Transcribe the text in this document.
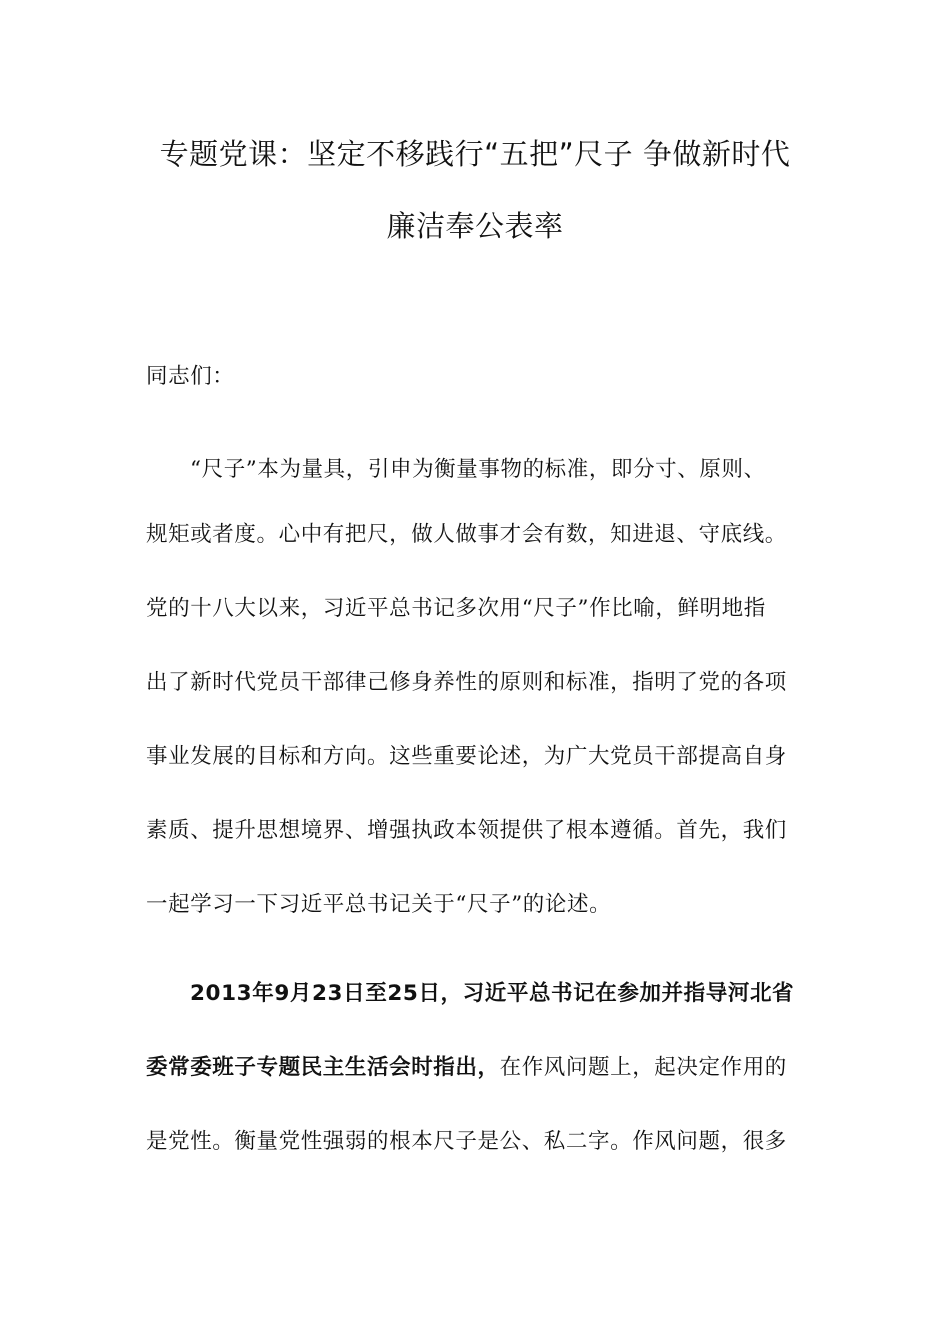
专题党课：坚定不移践行“五把”尺子 争做新时代
廉洁奉公表率
同志们：
“尺子”本为量具，引申为衡量事物的标准，即分寸、原则、
规矩或者度。心中有把尺，做人做事才会有数，知进退、守底线。
党的十八大以来，习近平总书记多次用“尺子”作比喻，鲜明地指
出了新时代党员干部律己修身养性的原则和标准，指明了党的各项
事业发展的目标和方向。这些重要论述，为广大党员干部提高自身
素质、提升思想境界、增强执政本领提供了根本遵循。首先，我们
一起学习一下习近平总书记关于“尺子”的论述。
2013年9月23日至25日，习近平总书记在参加并指导河北省
委常委班子专题民主生活会时指出，在作风问题上，起决定作用的
是党性。衡量党性强弱的根本尺子是公、私二字。作风问题，很多
